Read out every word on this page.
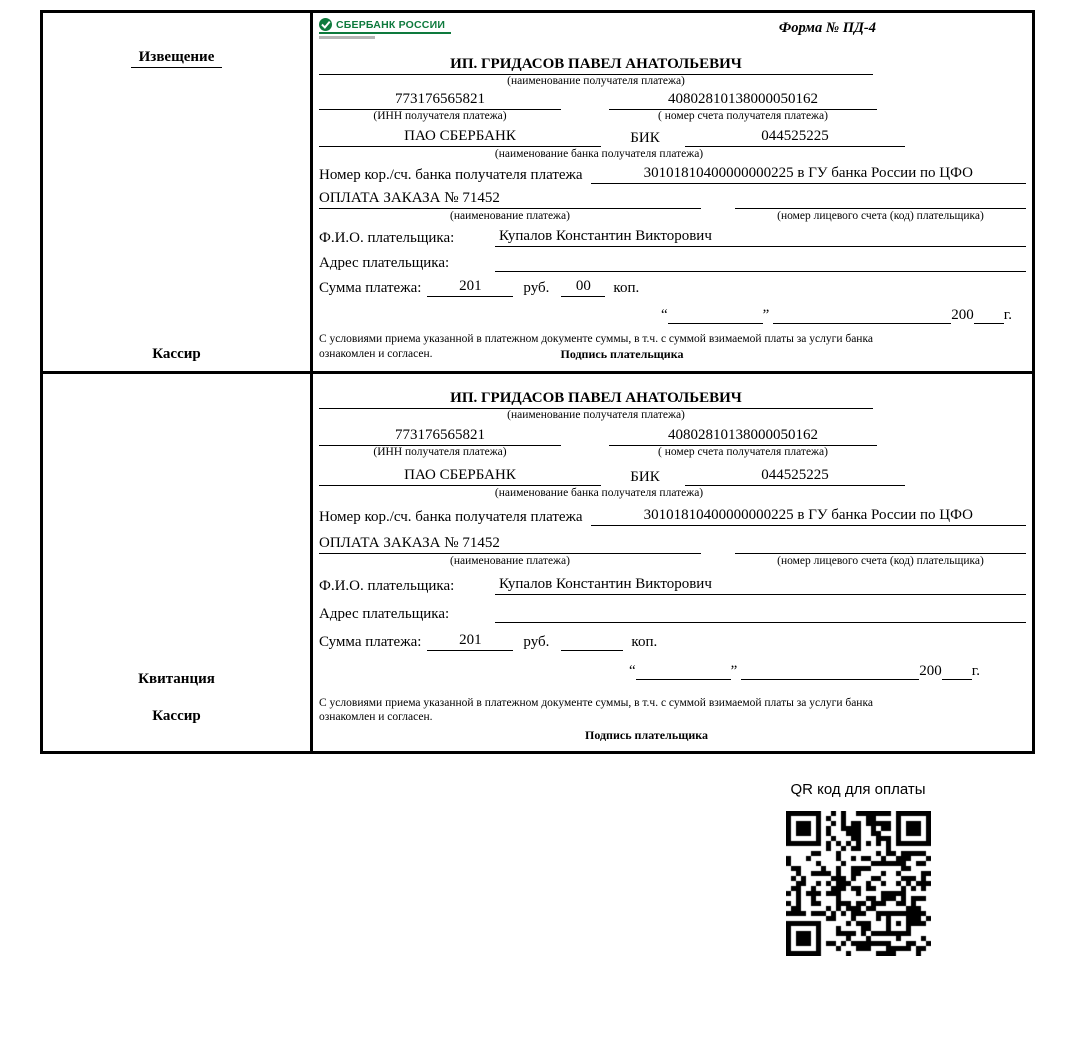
Извещение
Кассир
СБЕРБАНК РОССИИ	Форма № ПД-4
ИП. ГРИДАСОВ ПАВЕЛ АНАТОЛЬЕВИЧ
(наименование получателя платежа)
773176565821
(ИНН получателя платежа)
40802810138000050162
( номер счета получателя платежа)
ПАО СБЕРБАНК	БИК	044525225
(наименование банка получателя платежа)
Номер кор./сч. банка получателя платежа	30101810400000000225 в ГУ банка России по ЦФО
ОПЛАТА ЗАКАЗА № 71452
(наименование платежа)	(номер лицевого счета (код) плательщика)
Ф.И.О. плательщика:	Купалов Константин Викторович
Адрес плательщика:
Сумма платежа:	201	руб.	00	коп.
“	”	200 г.
С условиями приема указанной в платежном документе суммы, в т.ч. с суммой взимаемой платы за услуги банка
ознакомлен и согласен.	Подпись плательщика
Квитанция
Кассир
ИП. ГРИДАСОВ ПАВЕЛ АНАТОЛЬЕВИЧ
(наименование получателя платежа)
773176565821
(ИНН получателя платежа)
40802810138000050162
( номер счета получателя платежа)
ПАО СБЕРБАНК	БИК	044525225
(наименование банка получателя платежа)
Номер кор./сч. банка получателя платежа	30101810400000000225 в ГУ банка России по ЦФО
ОПЛАТА ЗАКАЗА № 71452
(наименование платежа)	(номер лицевого счета (код) плательщика)
Ф.И.О. плательщика:	Купалов Константин Викторович
Адрес плательщика:
Сумма платежа:	201	руб.	коп.
“	”	200 г.
С условиями приема указанной в платежном документе суммы, в т.ч. с суммой взимаемой платы за услуги банка
ознакомлен и согласен.
Подпись плательщика
QR код для оплаты
